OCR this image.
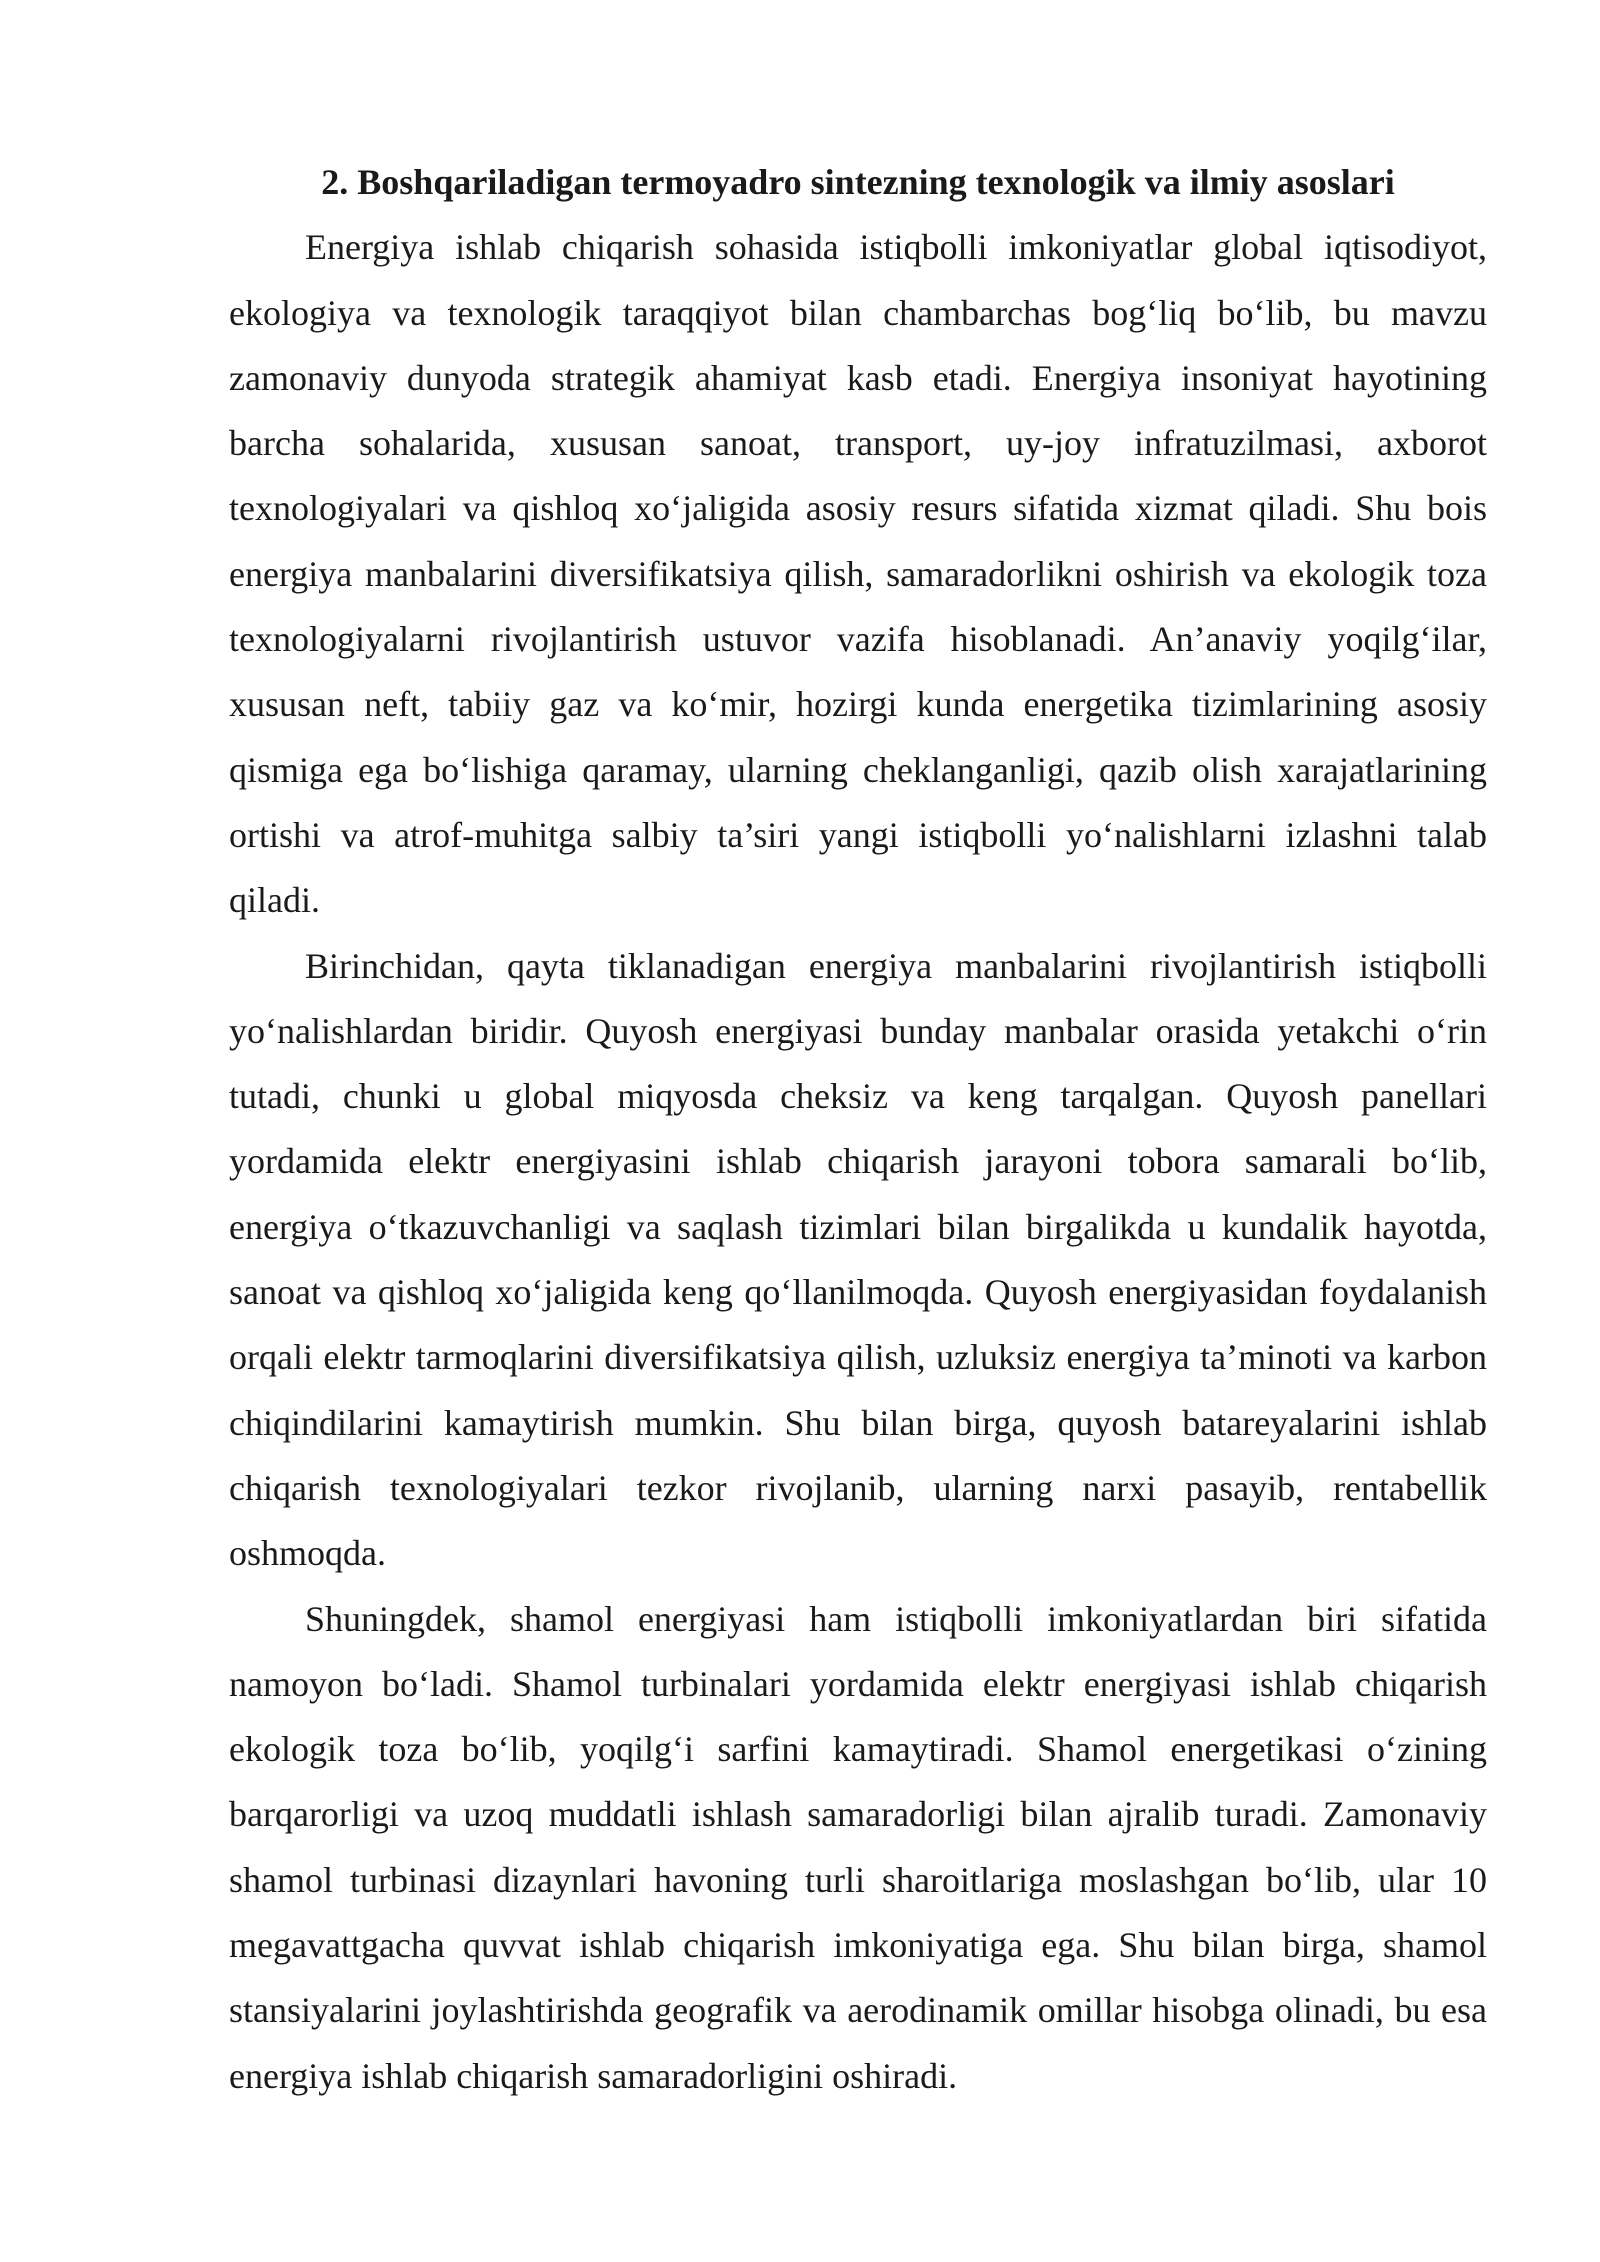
2. Boshqariladigan termoyadro sintezning texnologik va ilmiy asoslari

Energiya ishlab chiqarish sohasida istiqbolli imkoniyatlar global iqtisodiyot, ekologiya va texnologik taraqqiyot bilan chambarchas bog‘liq bo‘lib, bu mavzu zamonaviy dunyoda strategik ahamiyat kasb etadi. Energiya insoniyat hayotining barcha sohalarida, xususan sanoat, transport, uy-joy infratuzilmasi, axborot texnologiyalari va qishloq xo‘jaligida asosiy resurs sifatida xizmat qiladi. Shu bois energiya manbalarini diversifikatsiya qilish, samaradorlikni oshirish va ekologik toza texnologiyalarni rivojlantirish ustuvor vazifa hisoblanadi. An’anaviy yoqilg‘ilar, xususan neft, tabiiy gaz va ko‘mir, hozirgi kunda energetika tizimlarining asosiy qismiga ega bo‘lishiga qaramay, ularning cheklanganligi, qazib olish xarajatlarining ortishi va atrof-muhitga salbiy ta’siri yangi istiqbolli yo‘nalishlarni izlashni talab qiladi.

Birinchidan, qayta tiklanadigan energiya manbalarini rivojlantirish istiqbolli yo‘nalishlardan biridir. Quyosh energiyasi bunday manbalar orasida yetakchi o‘rin tutadi, chunki u global miqyosda cheksiz va keng tarqalgan. Quyosh panellari yordamida elektr energiyasini ishlab chiqarish jarayoni tobora samarali bo‘lib, energiya o‘tkazuvchanligi va saqlash tizimlari bilan birgalikda u kundalik hayotda, sanoat va qishloq xo‘jaligida keng qo‘llanilmoqda. Quyosh energiyasidan foydalanish orqali elektr tarmoqlarini diversifikatsiya qilish, uzluksiz energiya ta’minoti va karbon chiqindilarini kamaytirish mumkin. Shu bilan birga, quyosh batareyalarini ishlab chiqarish texnologiyalari tezkor rivojlanib, ularning narxi pasayib, rentabellik oshmoqda.

Shuningdek, shamol energiyasi ham istiqbolli imkoniyatlardan biri sifatida namoyon bo‘ladi. Shamol turbinalari yordamida elektr energiyasi ishlab chiqarish ekologik toza bo‘lib, yoqilg‘i sarfini kamaytiradi. Shamol energetikasi o‘zining barqarorligi va uzoq muddatli ishlash samaradorligi bilan ajralib turadi. Zamonaviy shamol turbinasi dizaynlari havoning turli sharoitlariga moslashgan bo‘lib, ular 10 megavattgacha quvvat ishlab chiqarish imkoniyatiga ega. Shu bilan birga, shamol stansiyalarini joylashtirishda geografik va aerodinamik omillar hisobga olinadi, bu esa energiya ishlab chiqarish samaradorligini oshiradi.
